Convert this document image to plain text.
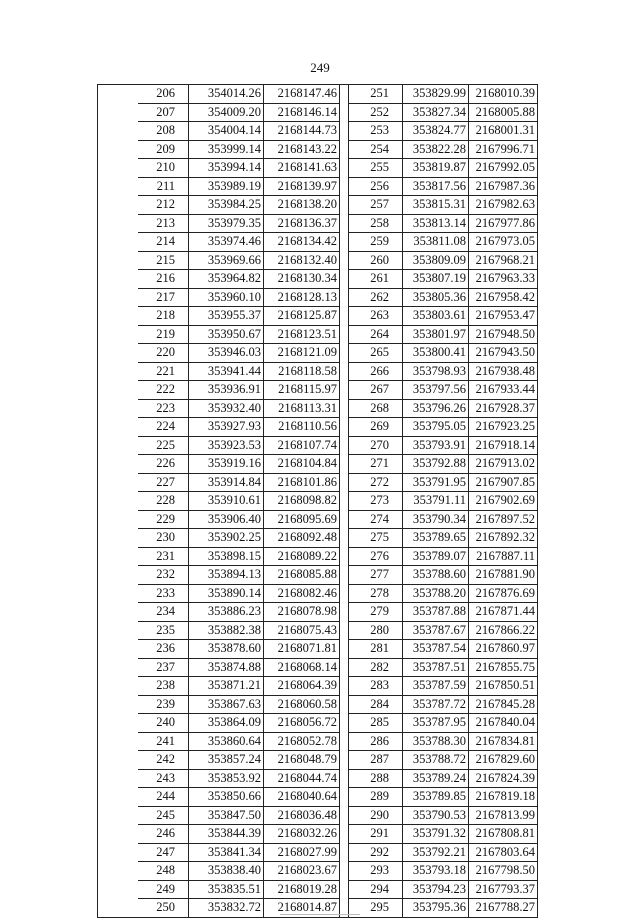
249
	206	354014.26	2168147.46		251	353829.99	2168010.39
	207	354009.20	2168146.14		252	353827.34	2168005.88
	208	354004.14	2168144.73		253	353824.77	2168001.31
	209	353999.14	2168143.22		254	353822.28	2167996.71
	210	353994.14	2168141.63		255	353819.87	2167992.05
	211	353989.19	2168139.97		256	353817.56	2167987.36
	212	353984.25	2168138.20		257	353815.31	2167982.63
	213	353979.35	2168136.37		258	353813.14	2167977.86
	214	353974.46	2168134.42		259	353811.08	2167973.05
	215	353969.66	2168132.40		260	353809.09	2167968.21
	216	353964.82	2168130.34		261	353807.19	2167963.33
	217	353960.10	2168128.13		262	353805.36	2167958.42
	218	353955.37	2168125.87		263	353803.61	2167953.47
	219	353950.67	2168123.51		264	353801.97	2167948.50
	220	353946.03	2168121.09		265	353800.41	2167943.50
	221	353941.44	2168118.58		266	353798.93	2167938.48
	222	353936.91	2168115.97		267	353797.56	2167933.44
	223	353932.40	2168113.31		268	353796.26	2167928.37
	224	353927.93	2168110.56		269	353795.05	2167923.25
	225	353923.53	2168107.74		270	353793.91	2167918.14
	226	353919.16	2168104.84		271	353792.88	2167913.02
	227	353914.84	2168101.86		272	353791.95	2167907.85
	228	353910.61	2168098.82		273	353791.11	2167902.69
	229	353906.40	2168095.69		274	353790.34	2167897.52
	230	353902.25	2168092.48		275	353789.65	2167892.32
	231	353898.15	2168089.22		276	353789.07	2167887.11
	232	353894.13	2168085.88		277	353788.60	2167881.90
	233	353890.14	2168082.46		278	353788.20	2167876.69
	234	353886.23	2168078.98		279	353787.88	2167871.44
	235	353882.38	2168075.43		280	353787.67	2167866.22
	236	353878.60	2168071.81		281	353787.54	2167860.97
	237	353874.88	2168068.14		282	353787.51	2167855.75
	238	353871.21	2168064.39		283	353787.59	2167850.51
	239	353867.63	2168060.58		284	353787.72	2167845.28
	240	353864.09	2168056.72		285	353787.95	2167840.04
	241	353860.64	2168052.78		286	353788.30	2167834.81
	242	353857.24	2168048.79		287	353788.72	2167829.60
	243	353853.92	2168044.74		288	353789.24	2167824.39
	244	353850.66	2168040.64		289	353789.85	2167819.18
	245	353847.50	2168036.48		290	353790.53	2167813.99
	246	353844.39	2168032.26		291	353791.32	2167808.81
	247	353841.34	2168027.99		292	353792.21	2167803.64
	248	353838.40	2168023.67		293	353793.18	2167798.50
	249	353835.51	2168019.28		294	353794.23	2167793.37
	250	353832.72	2168014.87		295	353795.36	2167788.27
